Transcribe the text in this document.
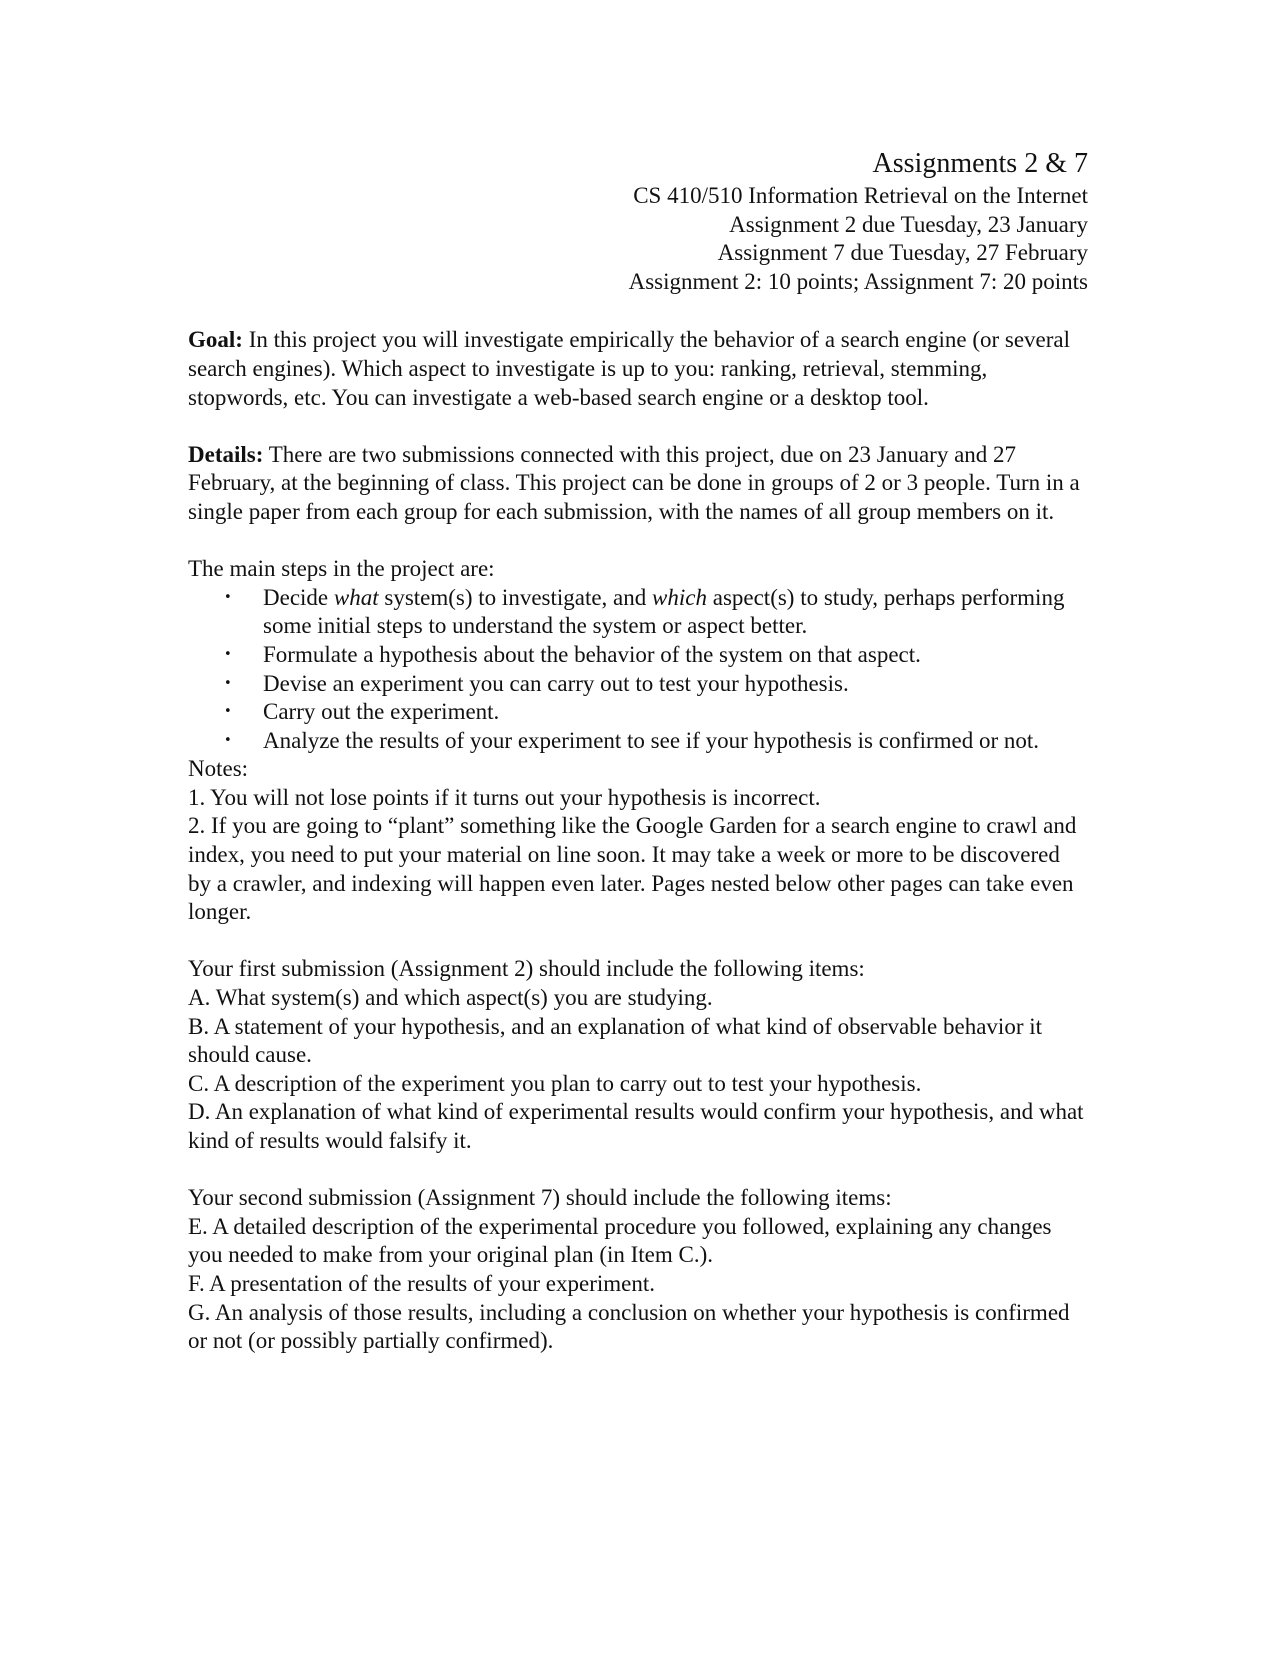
Assignments 2 & 7
CS 410/510 Information Retrieval on the Internet
Assignment 2 due Tuesday, 23 January
Assignment 7 due Tuesday, 27 February
Assignment 2: 10 points; Assignment 7: 20 points

Goal: In this project you will investigate empirically the behavior of a search engine (or several search engines). Which aspect to investigate is up to you: ranking, retrieval, stemming, stopwords, etc. You can investigate a web-based search engine or a desktop tool.

Details: There are two submissions connected with this project, due on 23 January and 27 February, at the beginning of class. This project can be done in groups of 2 or 3 people. Turn in a single paper from each group for each submission, with the names of all group members on it.

The main steps in the project are:

• Decide what system(s) to investigate, and which aspect(s) to study, perhaps performing some initial steps to understand the system or aspect better.
• Formulate a hypothesis about the behavior of the system on that aspect.
• Devise an experiment you can carry out to test your hypothesis.
• Carry out the experiment.
• Analyze the results of your experiment to see if your hypothesis is confirmed or not.

Notes:

1. You will not lose points if it turns out your hypothesis is incorrect.

2. If you are going to “plant” something like the Google Garden for a search engine to crawl and index, you need to put your material on line soon. It may take a week or more to be discovered by a crawler, and indexing will happen even later. Pages nested below other pages can take even longer.

Your first submission (Assignment 2) should include the following items:

A. What system(s) and which aspect(s) you are studying.

B. A statement of your hypothesis, and an explanation of what kind of observable behavior it should cause.

C. A description of the experiment you plan to carry out to test your hypothesis.

D. An explanation of what kind of experimental results would confirm your hypothesis, and what kind of results would falsify it.

Your second submission (Assignment 7) should include the following items:

E. A detailed description of the experimental procedure you followed, explaining any changes you needed to make from your original plan (in Item C.).

F. A presentation of the results of your experiment.

G. An analysis of those results, including a conclusion on whether your hypothesis is confirmed or not (or possibly partially confirmed).
